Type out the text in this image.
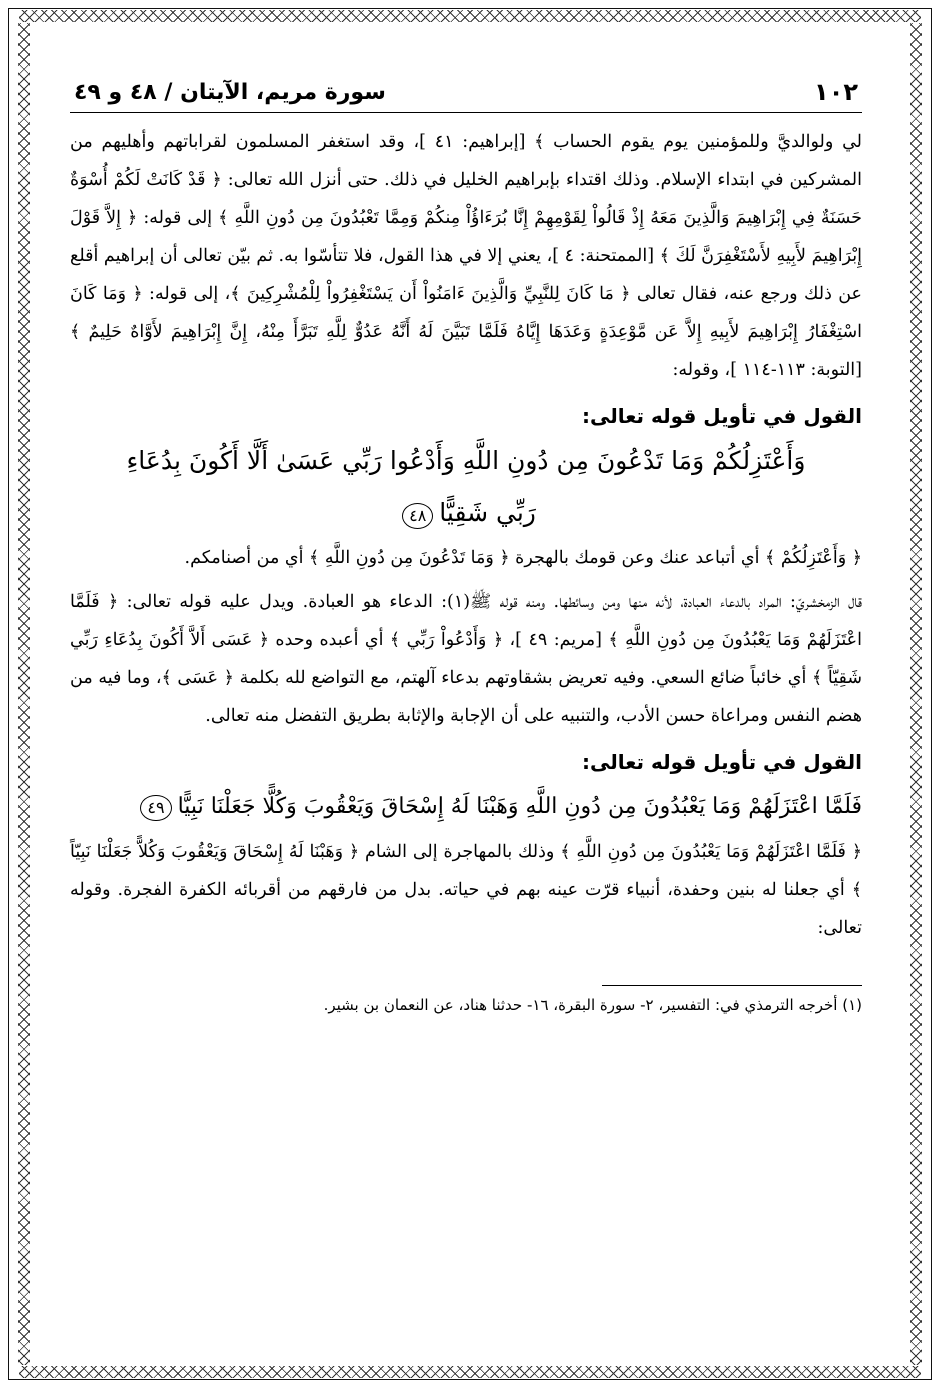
١٠٢
سورة مريم، الآيتان / ٤٨ و ٤٩

لي ولوالديَّ وللمؤمنين يوم يقوم الحساب ﴾ [إبراهيم: ٤١ ]، وقد استغفر المسلمون لقراباتهم وأهليهم من المشركين في ابتداء الإسلام. وذلك اقتداء بإبراهيم الخليل في ذلك. حتى أنزل الله تعالى: ﴿ قَدْ كَانَتْ لَكُمْ أُسْوَةٌ حَسَنَةٌ فِي إِبْرَاهِيمَ وَالَّذِينَ مَعَهُ إِذْ قَالُواْ لِقَوْمِهِمْ إِنَّا بُرَءَاؤُاْ مِنكُمْ وَمِمَّا تَعْبُدُونَ مِن دُونِ اللَّهِ ﴾ إلى قوله: ﴿ إِلاَّ قَوْلَ إِبْرَاهِيمَ لأَبِيهِ لأَسْتَغْفِرَنَّ لَكَ ﴾ [الممتحنة: ٤ ]، يعني إلا في هذا القول، فلا تتأسّوا به. ثم بيّن تعالى أن إبراهيم أقلع عن ذلك ورجع عنه، فقال تعالى ﴿ مَا كَانَ لِلنَّبِيِّ وَالَّذِينَ ءَامَنُواْ أَن يَسْتَغْفِرُواْ لِلْمُشْرِكِينَ ﴾، إلى قوله: ﴿ وَمَا كَانَ اسْتِغْفَارُ إِبْرَاهِيمَ لأَبِيهِ إِلاَّ عَن مَّوْعِدَةٍ وَعَدَهَا إِيَّاهُ فَلَمَّا تَبَيَّنَ لَهُ أَنَّهُ عَدُوٌّ لِلَّهِ تَبَرَّأَ مِنْهُ، إِنَّ إِبْرَاهِيمَ لأَوَّاهٌ حَلِيمٌ ﴾ [التوبة: ١١٣-١١٤ ]، وقوله:

القول في تأويل قوله تعالى:

وَأَعْتَزِلُكُمْ وَمَا تَدْعُونَ مِن دُونِ اللَّهِ وَأَدْعُوا رَبِّي عَسَىٰ أَلَّا أَكُونَ بِدُعَاءِ

رَبِّي شَقِيًّا٤٨

﴿ وَأَعْتَزِلُكُمْ ﴾ أي أتباعد عنك وعن قومك بالهجرة ﴿ وَمَا تَدْعُونَ مِن دُونِ اللَّهِ ﴾ أي من أصنامكم.

قال الزمخشريّ: المراد بالدعاء العبادة، لأنه منها ومن وسائطها. ومنه قوله ﷺ(١): الدعاء هو العبادة. ويدل عليه قوله تعالى: ﴿ فَلَمَّا اعْتَزَلَهُمْ وَمَا يَعْبُدُونَ مِن دُونِ اللَّهِ ﴾ [مريم: ٤٩ ]، ﴿ وَأَدْعُواْ رَبِّي ﴾ أي أعبده وحده ﴿ عَسَى أَلاَّ أَكُونَ بِدُعَاءِ رَبِّي شَقِيّاً ﴾ أي خائباً ضائع السعي. وفيه تعريض بشقاوتهم بدعاء آلهتم، مع التواضع لله بكلمة ﴿ عَسَى ﴾، وما فيه من هضم النفس ومراعاة حسن الأدب، والتنبيه على أن الإجابة والإثابة بطريق التفضل منه تعالى.

القول في تأويل قوله تعالى:

فَلَمَّا اعْتَزَلَهُمْ وَمَا يَعْبُدُونَ مِن دُونِ اللَّهِ وَهَبْنَا لَهُ إِسْحَاقَ وَيَعْقُوبَ وَكُلًّا جَعَلْنَا نَبِيًّا٤٩

﴿ فَلَمَّا اعْتَزَلَهُمْ وَمَا يَعْبُدُونَ مِن دُونِ اللَّهِ ﴾ وذلك بالمهاجرة إلى الشام ﴿ وَهَبْنَا لَهُ إِسْحَاقَ وَيَعْقُوبَ وَكُلاًّ جَعَلْنَا نَبِيّاً ﴾ أي جعلنا له بنين وحفدة، أنبياء قرّت عينه بهم في حياته. بدل من فارقهم من أقربائه الكفرة الفجرة. وقوله تعالى:

(١) أخرجه الترمذي في: التفسير، ٢- سورة البقرة، ١٦- حدثنا هناد، عن النعمان بن بشير.
